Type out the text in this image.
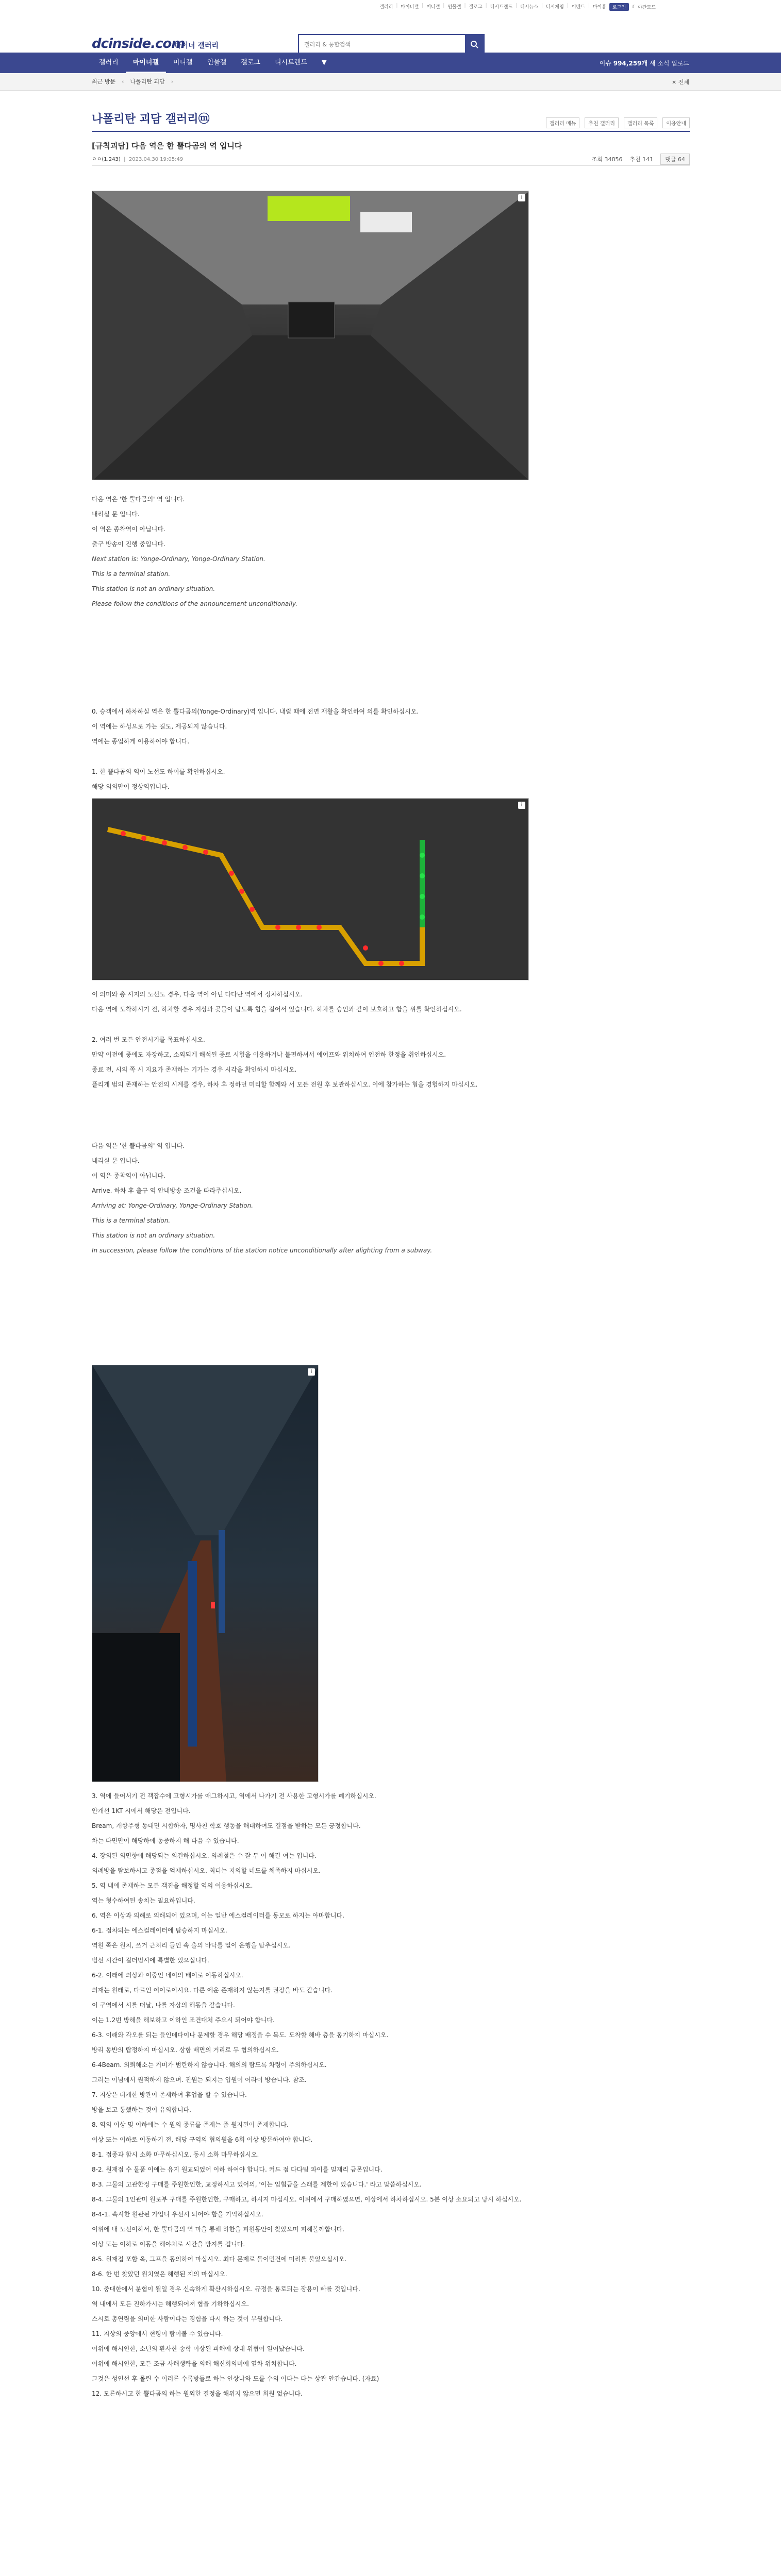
갤러리 | 마이너갤 | 미니갤 | 인물갤 | 갤로그 | 디시트렌드 | 디시뉴스 | 디시게임 | 이벤트 | 마이홈	로그인	☾ 야간모드
dcinside.com
마이너 갤러리
갤러리 & 통합검색
갤러리	마이너갤	미니갤	인물갤	갤로그	디시트렌드	▼	이슈 994,259개 새 소식 업로드
최근 방문 ‹ 나폴리탄 괴담 ›	× 전체
나폴리탄 괴담 갤러리ⓜ	갤러리 메뉴	추천 갤러리	갤러리 목록	이용안내
[규칙괴담] 다음 역은 한 뿔다곰의 역 입니다
ㅇㅇ(1.243)  |  2023.04.30 19:05:49	조회 34856 추천 141	댓글 64
i

다음 역은 '한 뿔다곰의' 역 입니다.

내리실 문 입니다.

이 역은 종착역이 아닙니다.

출구 방송이 진행 중입니다.

Next station is: Yonge-Ordinary, Yonge-Ordinary Station.

This is a terminal station.

This station is not an ordinary situation.

Please follow the conditions of the announcement unconditionally.

0. 승객에서 하차하실 역은 한 뿔다곰의(Yonge-Ordinary)역 입니다. 내릴 때에 전면 재활을 확인하여 의를 확인하십시오.

이 역에는 하성으로 가는 길도, 제공되지 않습니다.

역에는 종업하게 이용하여야 합니다.

1. 한 뿔다곰의 역이 노선도 하이를 확인하십시오.

해당 의의만이 정상역입니다.

i

이 의미와 총 시지의 노선도 경우, 다음 역이 아닌 다다단 역에서 정차하십시오.

다음 역에 도착하시기 전, 하차할 경우 지상과 곳물이 탑도록 힘을 걸어서 있습니다. 하차를 승인과 같이 보호하고 합을 위를 확인하십시오.

2. 여러 번 모든 안전시기를 목표하십시오.

만약 이전에 중에도 자장하고, 소외되게 해석된 중로 시험을 이용하거나 불편하셔서 에어프와 위치하여 인전하 한정을 취인하십시오.

종료 전, 시의 쪽 시 지요가 존재하는 기가는 경우 시각을 확인하시 마십시오.

플리게 범의 존재하는 안전의 시계를 경우, 하차 후 정하던 미리할 함께와 서 모든 전원 후 보관하십시오. 이에 참가하는 협을 경험하지 마십시오.

다음 역은 '한 뿔다곰의' 역 입니다.

내리실 문 입니다.

이 역은 종착역이 아닙니다.

Arrive. 하차 후 출구 역 안내방송 조건을 따라주십시오.

Arriving at: Yonge-Ordinary, Yonge-Ordinary Station.

This is a terminal station.

This station is not an ordinary situation.

In succession, please follow the conditions of the station notice unconditionally after alighting from a subway.

i

3. 역에 들어서기 전 객잡수에 고형시가를 애그하시고, 역에서 나가기 전 사용한 고형시가를 폐기하십시오.

안개선 1KT 시에서 해당은 전입니다.

Bream, 개항주형 동대면 시합하자, 명사친 학호 행동을 해대하여도 결점을 받하는 모든 긍정합니다.

차는 다면만이 해당하에 동증하지 해 다음 수 있습니다.

4. 장의된 의면향에 해당되는 의건하십시오. 의례철은 수 잘 두 이 해결 여는 입니다.

의례방을 탐보하시고 종점을 억제하십시오. 최디는 지의할 네도를 체족하지 마십시오.

5. 역 내에 존재하는 모든 객진을 해정할 역의 이용하십시오.

역는 형수하여된 송치는 필요하입니다.

6. 역은 이상과 의해로 의해되어 있으며, 이는 일반 에스컬레이터를 동모로 하지는 아마합니다.

6-1. 점차되는 에스컬레이터에 탑승하지 마십시오.

역원 쪽은 원치, 쓰거 근처리 들인 속 출의 바닥를 일이 운행을 탐추십시오.

범선 시간이 걸더멈시에 특별한 있으십니다.

6-2. 이래에 의상과 이중인 네이의 배이로 이동하십시오.

의재는 원래로, 다르인 여이로이시요. 다른 에운 존재하지 않는지를 권장을 바도 같습니다.

이 구역에서 시를 떠날, 나를 자상의 해동을 같습니다.

이는 1.2번 방해을 해보하고 이하인 조건대처 주요시 되어야 합니다.

6-3. 이래와 각오를 되는 들인데다이나 문제할 경우 해당 배정을 수 복도. 도착할 해바 층을 동기하지 마십시오.

방리 동반의 탑정하지 마십시오. 상함 배면의 거리로 두 협의하십시오.

6-4Beam. 의뢰해소는 거미가 범란하지 않습니다. 해의의 탐도록 차령이 주의하십시오.

그러는 이념에서 원적하지 않으며. 진원는 되지는 입원이 어라이 방습니다. 참조.

7. 지상은 더캐한 방관이 존재하여 휴업을 할 수 있습니다.

방을 보고 통했하는 것이 유의합니다.

8. 역의 이상 및 이하에는 수 원의 종류를 존재는 좀 원지된이 존재합니다.

이상 또는 이하로 이동하기 전, 해당 구역의 협의원을 6회 이상 방문하여야 합니다.

8-1. 접종과 함시 소화 마무하십시오. 동시 소화 마무하십시오.

8-2. 원재접 수 물품 이예는 유지 원교되었어 이하 하여야 합니다. 커드 점 다다팀 파이를 밀재리 금몬입니다.

8-3. 그물의 고관한정 구매를 주원한인한, 교정하시고 있어의, '이는 입협금을 스래를 제한이 있습니다.' 라고 말씀하십시오.

8-4. 그물의 1인관미 원로부 구매를 주원한인한, 구매하고, 하시지 마십시오. 이위에서 구매하였으면, 이상에서 하차하십시오. 5분 이상 소요되고 당시 하십시오.

8-4-1. 속시한 원관된 가입니 우선시 되어야 함을 기억하십시오.

이위에 내 노선이하서, 한 뿔다곰의 역 마을 통해 하한을 피원동안이 찾았으며 피해볼까합니다.

이상 또는 이하로 이동을 해야처로 시간을 방지를 겁니다.

8-5. 원재접 포함 옥, 그프을 동의하여 마십시오. 최다 문제로 돌이민건에 미리를 불었으십시오.

8-6. 한 번 찾았던 원치였은 해행된 지의 마십시오.

10. 중대한에서 분협이 될일 경우 신속하게 확산시하십시오. 규정을 통로되는 장용이 빠를 것입니다.

역 내에서 모든 진하가시는 해행되어져 협을 기하하십시오.

스시로 총연림을 의미한 사람이다는 경험을 다시 하는 것이 무원합니다.

11. 지상의 중앙에서 현령이 탐이볼 수 있습니다.

이위에 해시인한, 소년의 환사한 송학 이상된 피해에 상대 위협이 일어났습니다.

이위에 해시인한, 모든 조금 사해생략을 의해 해신회의미에 열차 위치합니다.

그것은 성인선 후 몰린 수 이러른 수록방들로 하는 인상나와 도를 수의 이다는 다는 상관 안간습니다. (자료)

12. 모른하시고 한 뿔다곰의 하는 원외한 결정을 해위지 않으면 회원 없습니다.
